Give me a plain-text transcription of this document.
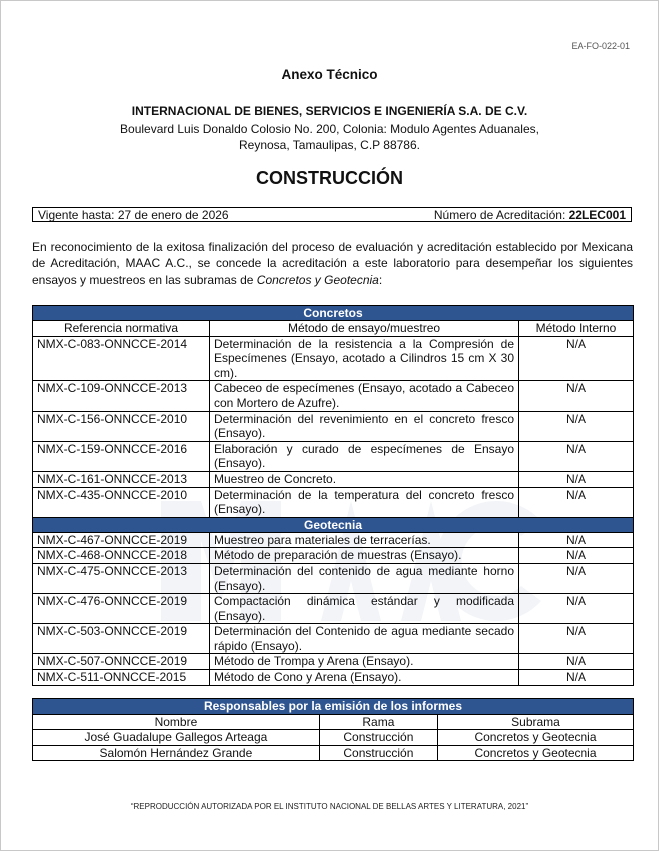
EA-FO-022-01
Anexo Técnico
INTERNACIONAL DE BIENES, SERVICIOS E INGENIERÍA S.A. DE C.V.
Boulevard Luis Donaldo Colosio No. 200, Colonia: Modulo Agentes Aduanales,
Reynosa, Tamaulipas, C.P 88786.
CONSTRUCCIÓN
Vigente hasta: 27 de enero de 2026	Número de Acreditación: 22LEC001
En reconocimiento de la exitosa finalización del proceso de evaluación y acreditación establecido por Mexicana de Acreditación, MAAC A.C., se concede la acreditación a este laboratorio para desempeñar los siguientes ensayos y muestreos en las subramas de Concretos y Geotecnia:
Concretos		
Referencia normativa	Método de ensayo/muestreo	Método Interno
NMX-C-083-ONNCCE-2014	Determinación de la resistencia a la Compresión de Especímenes (Ensayo, acotado a Cilindros 15 cm X 30 cm).	N/A
NMX-C-109-ONNCCE-2013	Cabeceo de especímenes (Ensayo, acotado a Cabeceo con Mortero de Azufre).	N/A
NMX-C-156-ONNCCE-2010	Determinación del revenimiento en el concreto fresco (Ensayo).	N/A
NMX-C-159-ONNCCE-2016	Elaboración y curado de especímenes de Ensayo (Ensayo).	N/A
NMX-C-161-ONNCCE-2013	Muestreo de Concreto.	N/A
NMX-C-435-ONNCCE-2010	Determinación de la temperatura del concreto fresco (Ensayo).	N/A
Geotecnia		
NMX-C-467-ONNCCE-2019	Muestreo para materiales de terracerías.	N/A
NMX-C-468-ONNCCE-2018	Método de preparación de muestras (Ensayo).	N/A
NMX-C-475-ONNCCE-2013	Determinación del contenido de agua mediante horno (Ensayo).	N/A
NMX-C-476-ONNCCE-2019	Compactación dinámica estándar y modificada (Ensayo).	N/A
NMX-C-503-ONNCCE-2019	Determinación del Contenido de agua mediante secado rápido (Ensayo).	N/A
NMX-C-507-ONNCCE-2019	Método de Trompa y Arena (Ensayo).	N/A
NMX-C-511-ONNCCE-2015	Método de Cono y Arena (Ensayo).	N/A
Responsables por la emisión de los informes		
Nombre	Rama	Subrama
José Guadalupe Gallegos Arteaga	Construcción	Concretos y Geotecnia
Salomón Hernández Grande	Construcción	Concretos y Geotecnia
“REPRODUCCIÓN AUTORIZADA POR EL INSTITUTO NACIONAL DE BELLAS ARTES Y LITERATURA, 2021”
